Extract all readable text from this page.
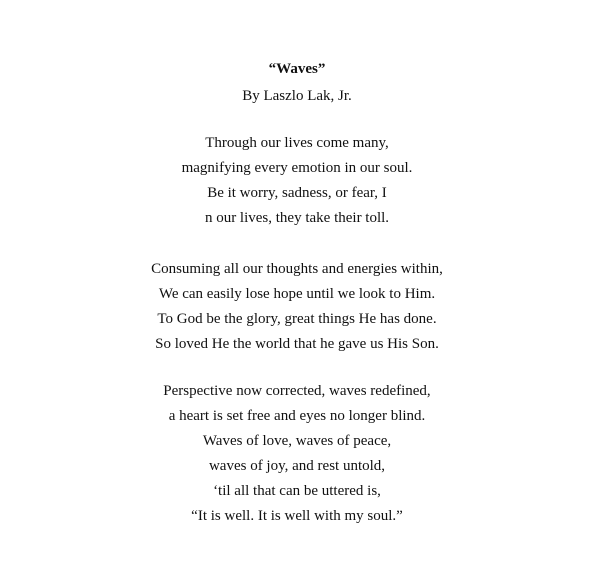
“Waves”
By Laszlo Lak, Jr.
Through our lives come many,
magnifying every emotion in our soul.
Be it worry, sadness, or fear, I
n our lives, they take their toll.
Consuming all our thoughts and energies within,
We can easily lose hope until we look to Him.
To God be the glory, great things He has done.
So loved He the world that he gave us His Son.
Perspective now corrected, waves redefined,
a heart is set free and eyes no longer blind.
Waves of love, waves of peace,
waves of joy, and rest untold,
‘til all that can be uttered is,
“It is well. It is well with my soul.”
